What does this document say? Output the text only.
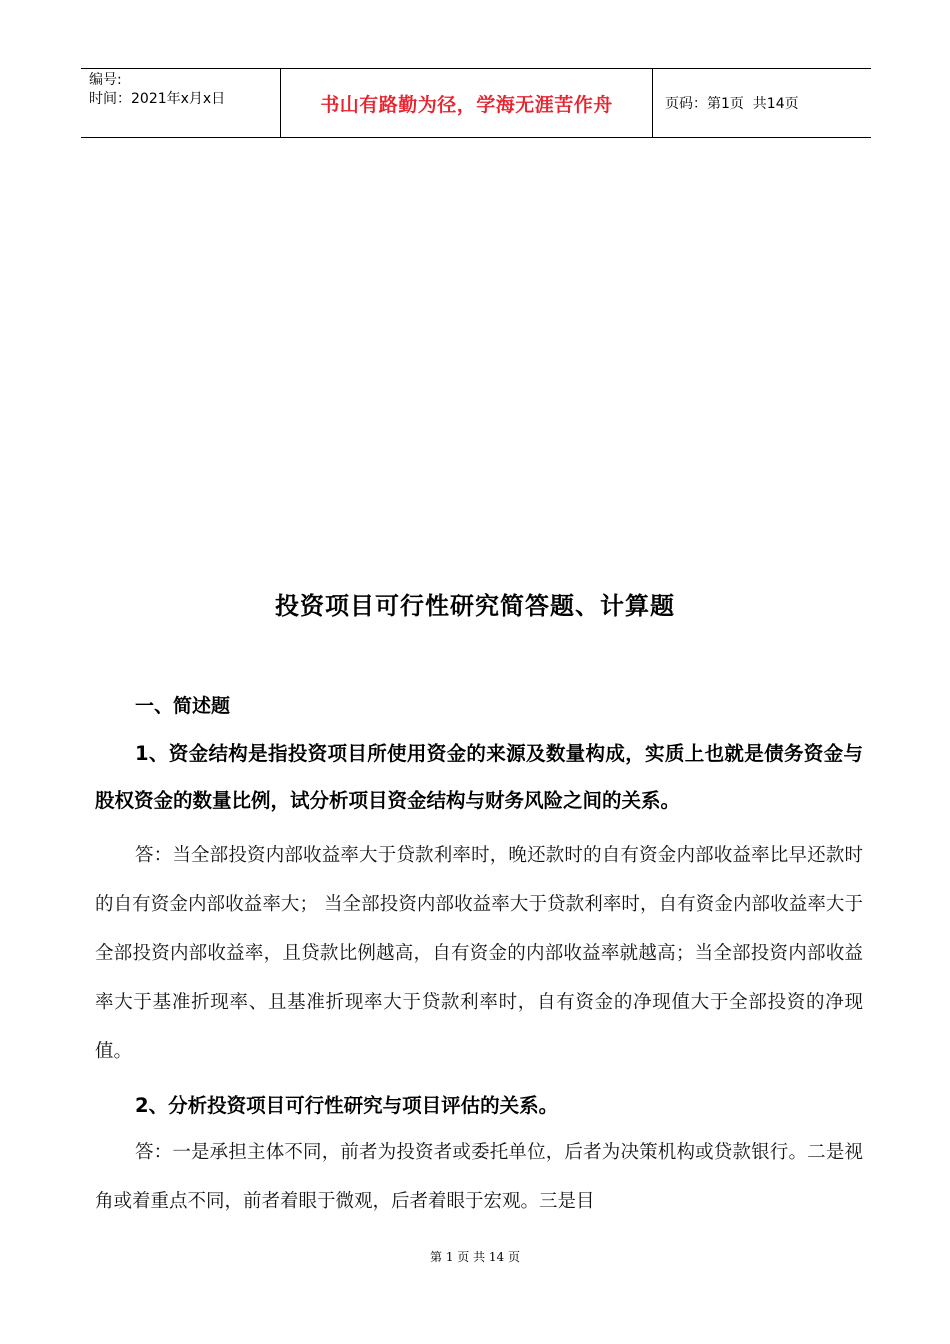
编号:
时间：2021年x月x日	书山有路勤为径，学海无涯苦作舟	页码：第1页  共14页
投资项目可行性研究简答题、计算题
一、简述题
1、资金结构是指投资项目所使用资金的来源及数量构成，实质上也就是债务资金与股权资金的数量比例，试分析项目资金结构与财务风险之间的关系。
答：当全部投资内部收益率大于贷款利率时，晚还款时的自有资金内部收益率比早还款时的自有资金内部收益率大； 当全部投资内部收益率大于贷款利率时，自有资金内部收益率大于全部投资内部收益率，且贷款比例越高，自有资金的内部收益率就越高；当全部投资内部收益率大于基准折现率、且基准折现率大于贷款利率时，自有资金的净现值大于全部投资的净现值。
2、分析投资项目可行性研究与项目评估的关系。
答：一是承担主体不同，前者为投资者或委托单位，后者为决策机构或贷款银行。二是视角或着重点不同，前者着眼于微观，后者着眼于宏观。三是目
第 1 页 共 14 页
